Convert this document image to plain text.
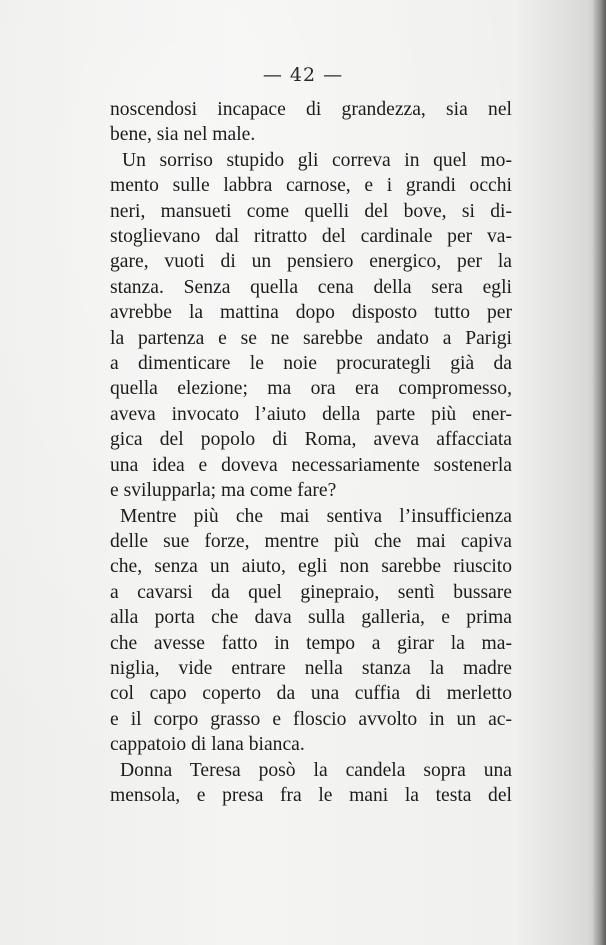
— 42 —
noscendosi incapace di grandezza, sia nel
bene, sia nel male.
Un sorriso stupido gli correva in quel mo-
mento sulle labbra carnose, e i grandi occhi
neri, mansueti come quelli del bove, si di-
stoglievano dal ritratto del cardinale per va-
gare, vuoti di un pensiero energico, per la
stanza. Senza quella cena della sera egli
avrebbe la mattina dopo disposto tutto per
la partenza e se ne sarebbe andato a Parigi
a dimenticare le noie procurategli già da
quella elezione; ma ora era compromesso,
aveva invocato l’aiuto della parte più ener-
gica del popolo di Roma, aveva affacciata
una idea e doveva necessariamente sostenerla
e svilupparla; ma come fare?
Mentre più che mai sentiva l’insufficienza
delle sue forze, mentre più che mai capiva
che, senza un aiuto, egli non sarebbe riuscito
a cavarsi da quel ginepraio, sentì bussare
alla porta che dava sulla galleria, e prima
che avesse fatto in tempo a girar la ma-
niglia, vide entrare nella stanza la madre
col capo coperto da una cuffia di merletto
e il corpo grasso e floscio avvolto in un ac-
cappatoio di lana bianca.
Donna Teresa posò la candela sopra una
mensola, e presa fra le mani la testa del
